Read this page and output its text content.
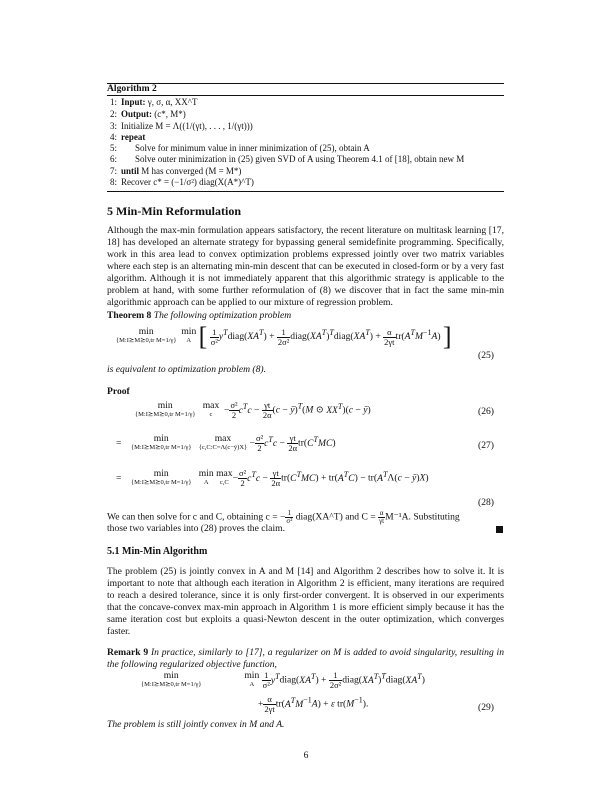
Algorithm 2
1: Input: γ, σ, α, XX^T
2: Output: (c*, M*)
3: Initialize M = Λ((1/(γt), . . . , 1/(γt)))
4: repeat
5: Solve for minimum value in inner minimization of (25), obtain A
6: Solve outer minimization in (25) given SVD of A using Theorem 4.1 of [18], obtain new M
7: until M has converged (M = M*)
8: Recover c* = (−1/σ²) diag(X(A*)^T)
5 Min-Min Reformulation
Although the max-min formulation appears satisfactory, the recent literature on multitask learning [17, 18] has developed an alternate strategy for bypassing general semidefinite programming. Specifically, work in this area lead to convex optimization problems expressed jointly over two matrix variables where each step is an alternating min-min descent that can be executed in closed-form or by a very fast algorithm. Although it is not immediately apparent that this algorithmic strategy is applicable to the problem at hand, with some further reformulation of (8) we discover that in fact the same min-min algorithmic approach can be applied to our mixture of regression problem.
Theorem 8 The following optimization problem
min
{M:I⪰M⪰0,tr M=1/γ}
min
A [ $\frac{1}{\text{σ²}}$ $y^Tdiag(XA^T) + \frac{1}{\text{2σ²}}$ $diag(XA^T)^Tdiag(XA^T) + \frac{\alpha}{2\gamma t} tr(A^TM^{-1}A)$ ]
(25)
is equivalent to optimization problem (8).
Proof
min
{M:I⪰M⪰0,tr M=1/γ}
max
$c - \frac{\text{σ²}}{2} c^Tc - \frac{\gamma t}{2\alpha} (c$ − ȳ)$^T$(M ⊙ $XX^T)(c$ − ȳ)	(26)
=    min
{M:I⪰M⪰0,tr M=1/γ}
max
{c,C:C=Λ(c−ȳ)X} − $\frac{\text{σ²}}{2} c^Tc - \frac{\gamma t}{2\alpha} tr(C^TMC)$	(27)
=    min
{M:I⪰M⪰0,tr M=1/γ}
min
A
max
$c,C - \frac{\text{σ²}}{2} c^Tc - \frac{\gamma t}{2\alpha} tr(C^TMC) + tr(A^TC) - tr(A^T\Lambda(c$ − ȳ)X)
(28)
We can then solve for c and C, obtaining c = − $\frac{1}{\text{σ²}}$ diag(XA^T) and $C = \frac{\alpha}{\gamma t} M^{-1}A$. Substituting
those two variables into (28) proves the claim.
5.1 Min-Min Algorithm
The problem (25) is jointly convex in A and M [14] and Algorithm 2 describes how to solve it. It is important to note that although each iteration in Algorithm 2 is efficient, many iterations are required to reach a desired tolerance, since it is only first-order convergent. It is observed in our experiments that the concave-convex max-min approach in Algorithm 1 is more efficient simply because it has the same iteration cost but exploits a quasi-Newton descent in the outer optimization, which converges faster.
Remark 9 In practice, similarly to [17], a regularizer on M is added to avoid singularity, resulting in the following regularized objective function,
min
{M:I⪰M⪰0,tr M=1/γ}
min
A
$\frac{1}{\text{σ²}}$ $y^Tdiag(XA^T) + \frac{1}{\text{2σ²}}$ $diag(XA^T)^Tdiag(XA^T)$
+ $\frac{\alpha}{2\gamma t} tr(A^TM^{-1}A) + \varepsilon$ $tr(M^{-1})$.	(29)
The problem is still jointly convex in M and A.
6
